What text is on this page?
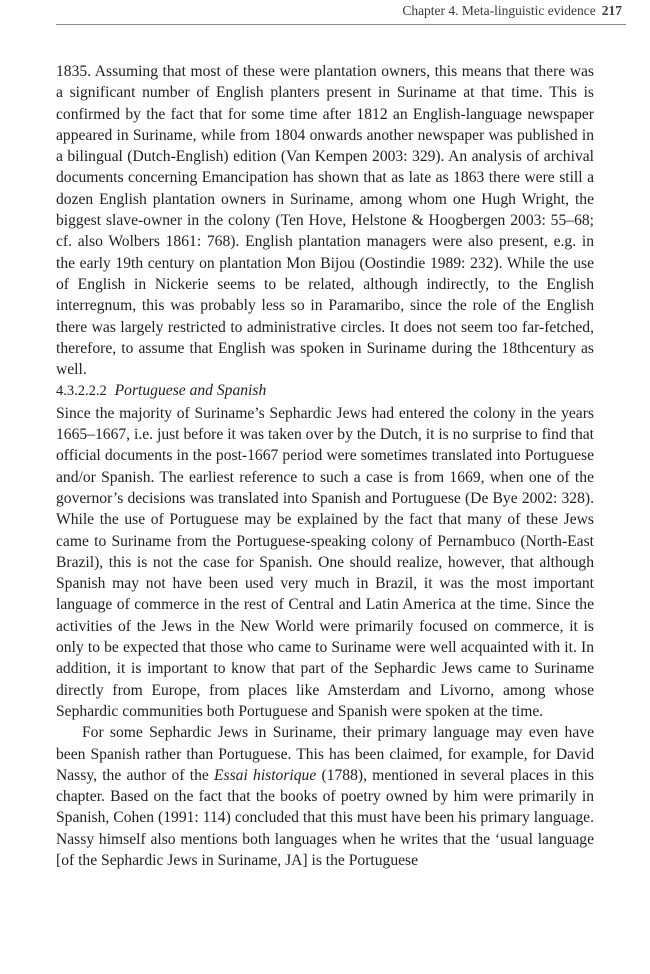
Chapter 4. Meta-linguistic evidence 217

1835. Assuming that most of these were plantation owners, this means that there was a significant number of English planters present in Suriname at that time. This is confirmed by the fact that for some time after 1812 an English-language newspaper appeared in Suriname, while from 1804 onwards another newspaper was published in a bilingual (Dutch-English) edition (Van Kempen 2003: 329). An analysis of archival documents concerning Emancipation has shown that as late as 1863 there were still a dozen English plantation owners in Suriname, among whom one Hugh Wright, the biggest slave-owner in the colony (Ten Hove, Helstone & Hoogbergen 2003: 55–68; cf. also Wolbers 1861: 768). English plantation managers were also present, e.g. in the early 19th century on plantation Mon Bijou (Oostindie 1989: 232). While the use of English in Nickerie seems to be related, although indirectly, to the English interregnum, this was probably less so in Paramaribo, since the role of the English there was largely restricted to administrative circles. It does not seem too far-fetched, therefore, to assume that English was spoken in Suriname during the 18thcentury as well.

4.3.2.2.2 Portuguese and Spanish

Since the majority of Suriname’s Sephardic Jews had entered the colony in the years 1665–1667, i.e. just before it was taken over by the Dutch, it is no surprise to find that official documents in the post-1667 period were sometimes translated into Portuguese and/or Spanish. The earliest reference to such a case is from 1669, when one of the governor’s decisions was translated into Spanish and Portuguese (De Bye 2002: 328). While the use of Portuguese may be explained by the fact that many of these Jews came to Suriname from the Portuguese-speaking colony of Pernambuco (North-East Brazil), this is not the case for Spanish. One should realize, however, that although Spanish may not have been used very much in Brazil, it was the most important language of commerce in the rest of Central and Latin America at the time. Since the activities of the Jews in the New World were primarily focused on commerce, it is only to be expected that those who came to Suriname were well acquainted with it. In addition, it is important to know that part of the Sephardic Jews came to Suriname directly from Europe, from places like Amsterdam and Livorno, among whose Sephardic communities both Portuguese and Spanish were spoken at the time.

For some Sephardic Jews in Suriname, their primary language may even have been Spanish rather than Portuguese. This has been claimed, for example, for David Nassy, the author of the Essai historique (1788), mentioned in several places in this chapter. Based on the fact that the books of poetry owned by him were primarily in Spanish, Cohen (1991: 114) concluded that this must have been his primary language. Nassy himself also mentions both languages when he writes that the ‘usual language [of the Sephardic Jews in Suriname, JA] is the Portuguese
